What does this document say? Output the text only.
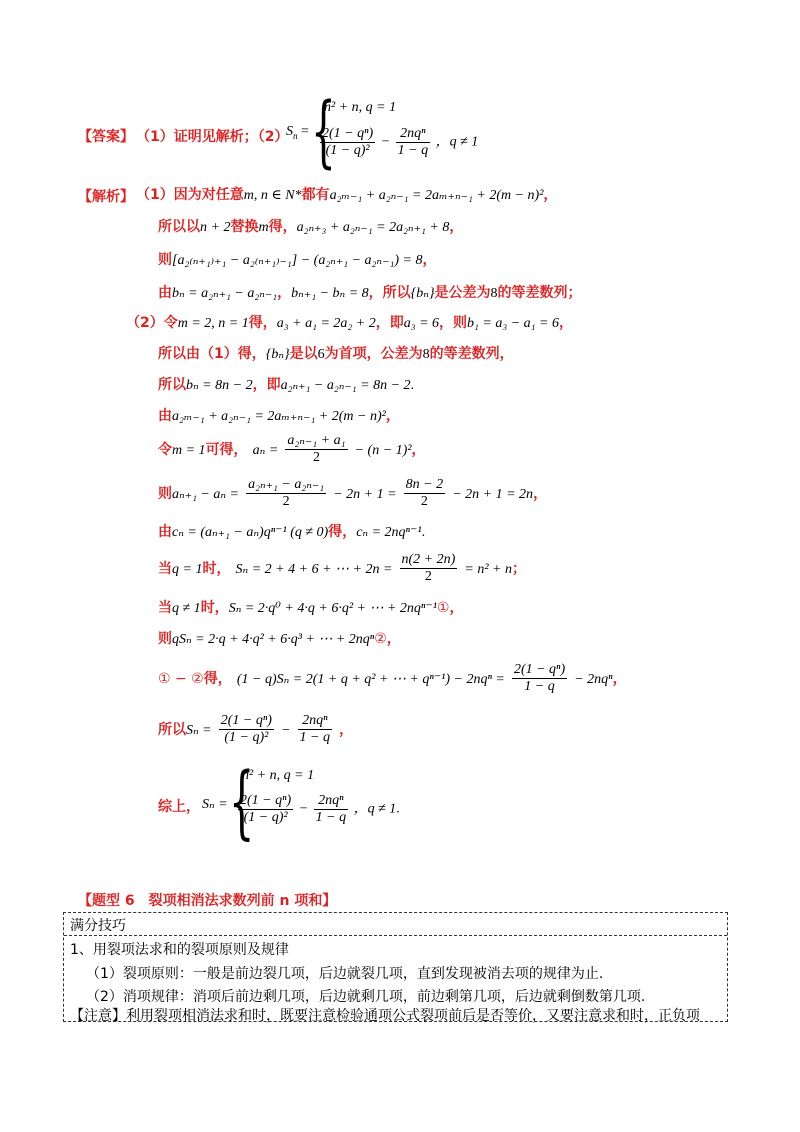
【答案】 （1）证明见解析；（2）
$S_n$ = {
n² + n, q = 1
$\frac{\text{2(1 − qⁿ)}}{\text{(1 − q)²}} - \frac{\text{2nqⁿ}}{1 - q}$ ，q ≠ 1
【解析】 （1）因为对任意m, n ∈ N*都有a₂ₘ₋₁ + a₂ₙ₋₁ = 2aₘ₊ₙ₋₁ + 2(m − n)²，
所以以n + 2替换m得，a₂ₙ₊₃ + a₂ₙ₋₁ = 2a₂ₙ₊₁ + 8，
则[a₂₍ₙ₊₁₎₊₁ − a₂₍ₙ₊₁₎₋₁] − (a₂ₙ₊₁ − a₂ₙ₋₁) = 8，
由bₙ = a₂ₙ₊₁ − a₂ₙ₋₁，bₙ₊₁ − bₙ = 8，所以{bₙ}是公差为8的等差数列；
（2）令m = 2, n = 1得，a₃ + a₁ = 2a₂ + 2，即a₃ = 6，则b₁ = a₃ − a₁ = 6，
所以由（1）得，{bₙ}是以6为首项，公差为8的等差数列，
所以bₙ = 8n − 2，即a₂ₙ₊₁ − a₂ₙ₋₁ = 8n − 2.
由a₂ₘ₋₁ + a₂ₙ₋₁ = 2aₘ₊ₙ₋₁ + 2(m − n)²，
令m = 1可得， $a_n = \frac{\text{a₂ₙ₋₁ + a₁}}{2} - (n - 1)^2$，
则$a_{n+1} - a_n = \frac{\text{a₂ₙ₊₁ − a₂ₙ₋₁}}{2} - 2n + 1 = \frac{8n - 2}{2} - 2n + 1 = 2n$，
由cₙ = (aₙ₊₁ − aₙ)qⁿ⁻¹ (q ≠ 0)得，cₙ = 2nqⁿ⁻¹.
当q = 1时， Sₙ = 2 + 4 + 6 + ⋯ + $2n = \frac{n(2 + 2n)}{2} = n^2 + n$；
当q ≠ 1时，Sₙ = 2·q⁰ + 4·q + 6·q² + ⋯ + 2nqⁿ⁻¹①，
则qSₙ = 2·q + 4·q² + 6·q³ + ⋯ + 2nqⁿ②，
① − ②得， (1 − q)Sₙ = 2(1 + q + q² + ⋯ + $q^{n-1}) - 2nq^n = \frac{\text{2(1 − qⁿ)}}{1 - q} - 2nq^n$，
所以$S_n = \frac{\text{2(1 − qⁿ)}}{\text{(1 − q)²}} - \frac{\text{2nqⁿ}}{1 - q}$ ，
综上， Sₙ = {
n² + n, q = 1
$\frac{\text{2(1 − qⁿ)}}{\text{(1 − q)²}} - \frac{\text{2nqⁿ}}{1 - q}$ ，q ≠ 1.
【题型 6　裂项相消法求数列前 n 项和】
满分技巧
1、用裂项法求和的裂项原则及规律
（1）裂项原则：一般是前边裂几项，后边就裂几项，直到发现被消去项的规律为止.
（2）消项规律：消项后前边剩几项，后边就剩几项，前边剩第几项，后边就剩倒数第几项.
【注意】利用裂项相消法求和时，既要注意检验通项公式裂项前后是否等价，又要注意求和时，正负项
